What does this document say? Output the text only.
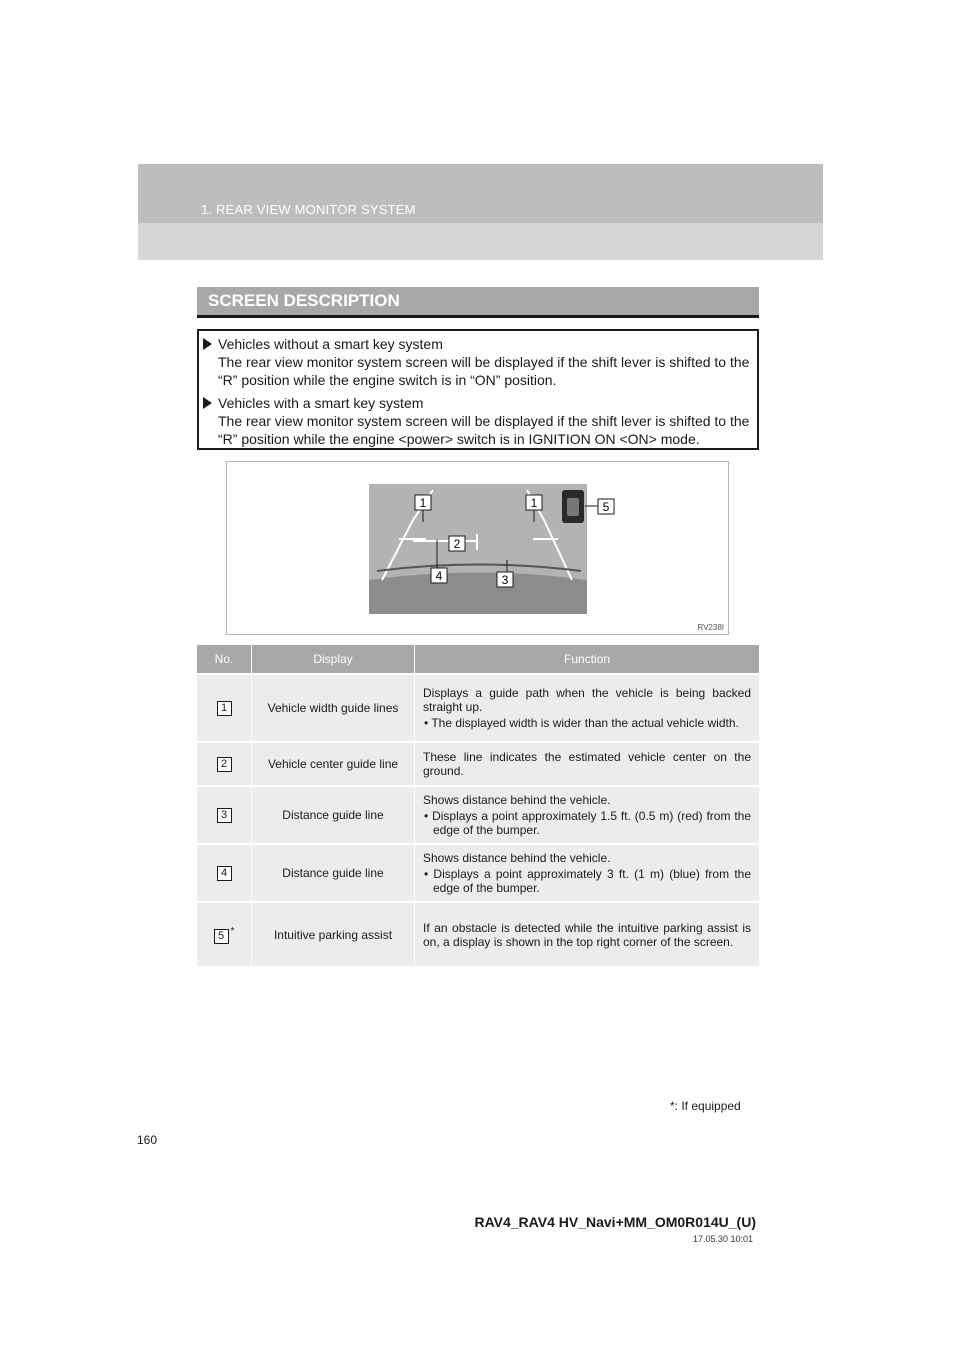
1. REAR VIEW MONITOR SYSTEM
SCREEN DESCRIPTION
Vehicles without a smart key system
The rear view monitor system screen will be displayed if the shift lever is shifted to the “R” position while the engine switch is in “ON” position.
Vehicles with a smart key system
The rear view monitor system screen will be displayed if the shift lever is shifted to the “R” position while the engine <power> switch is in IGNITION ON <ON> mode.
1	1
2
4	3
5
RV238I
No.	Display	Function
1	Vehicle width guide lines	Displays a guide path when the vehicle is being backed straight up.
• The displayed width is wider than the actual vehicle width.

2	Vehicle center guide line	These line indicates the estimated vehicle center on the ground.
3	Distance guide line	Shows distance behind the vehicle.
• Displays a point approximately 1.5 ft. (0.5 m) (red) from the edge of the bumper.

4	Distance guide line	Shows distance behind the vehicle.
• Displays a point approximately 3 ft. (1 m) (blue) from the edge of the bumper.

5 *	Intuitive parking assist	If an obstacle is detected while the intuitive parking assist is on, a display is shown in the top right corner of the screen.
*: If equipped
160
RAV4_RAV4 HV_Navi+MM_OM0R014U_(U)
17.05.30 10:01
